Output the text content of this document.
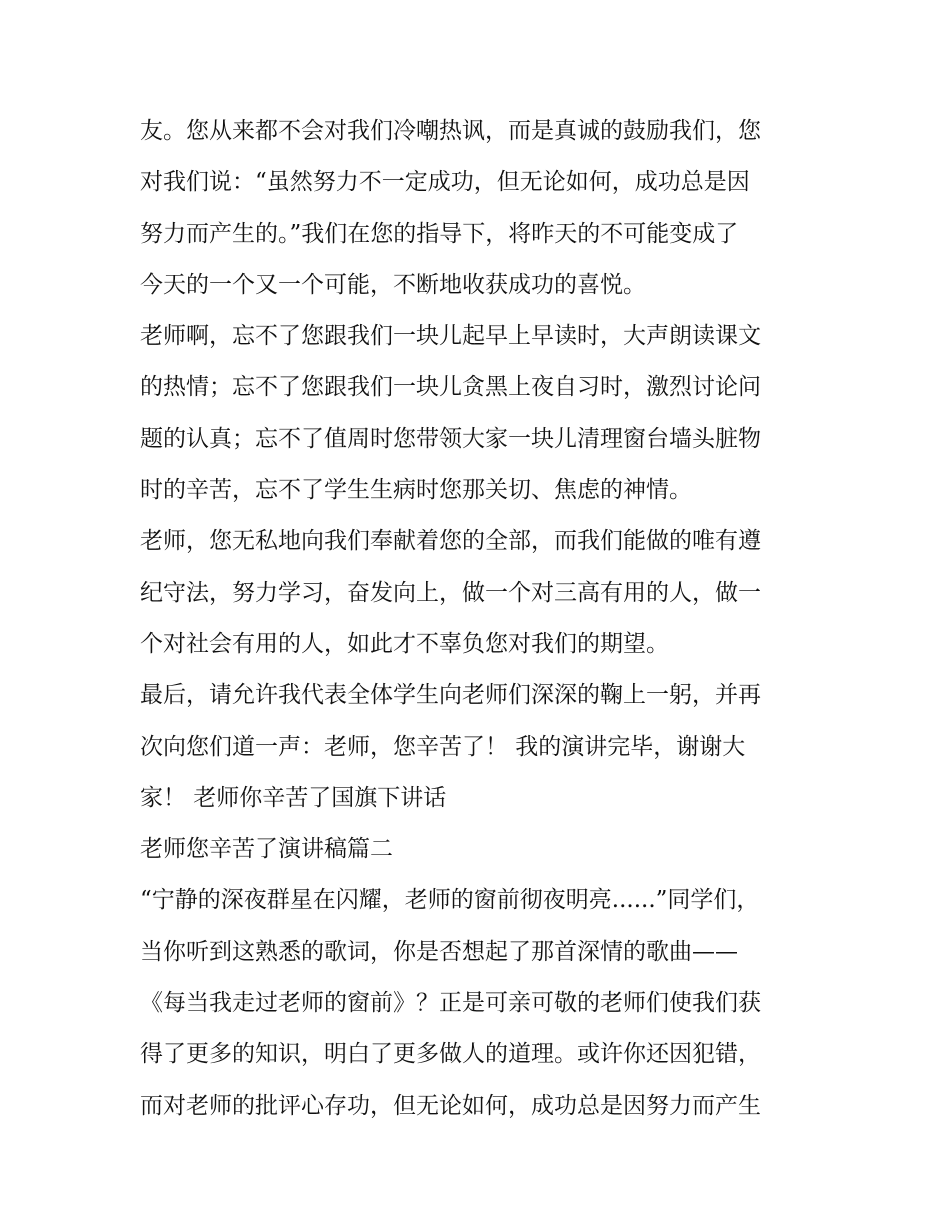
友。您从来都不会对我们冷嘲热讽，而是真诚的鼓励我们，您
对我们说：“虽然努力不一定成功，但无论如何，成功总是因
努力而产生的。”我们在您的指导下，将昨天的不可能变成了
今天的一个又一个可能，不断地收获成功的喜悦。
老师啊，忘不了您跟我们一块儿起早上早读时，大声朗读课文
的热情；忘不了您跟我们一块儿贪黑上夜自习时，激烈讨论问
题的认真；忘不了值周时您带领大家一块儿清理窗台墙头脏物
时的辛苦，忘不了学生生病时您那关切、焦虑的神情。
老师，您无私地向我们奉献着您的全部，而我们能做的唯有遵
纪守法，努力学习，奋发向上，做一个对三高有用的人，做一
个对社会有用的人，如此才不辜负您对我们的期望。
最后，请允许我代表全体学生向老师们深深的鞠上一躬，并再
次向您们道一声：老师，您辛苦了！ 我的演讲完毕，谢谢大
家！ 老师你辛苦了国旗下讲话
老师您辛苦了演讲稿篇二
“宁静的深夜群星在闪耀，老师的窗前彻夜明亮......”同学们，
当你听到这熟悉的歌词，你是否想起了那首深情的歌曲——
《每当我走过老师的窗前》？正是可亲可敬的老师们使我们获
得了更多的知识，明白了更多做人的道理。或许你还因犯错，
而对老师的批评心存功，但无论如何，成功总是因努力而产生
